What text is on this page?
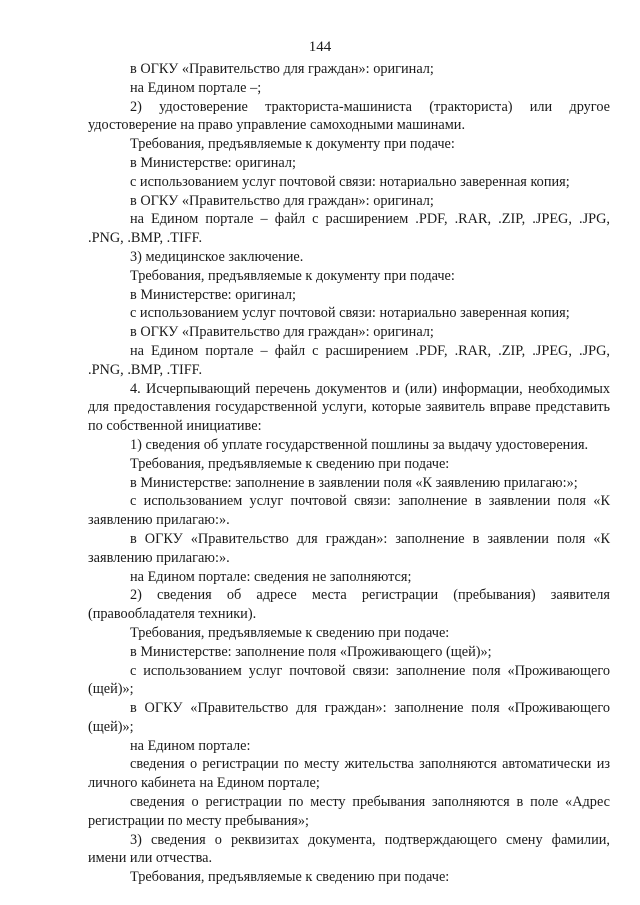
144

в ОГКУ «Правительство для граждан»: оригинал;

на Едином портале –;

2) удостоверение тракториста-машиниста (тракториста) или другое удостоверение на право управление самоходными машинами.

Требования, предъявляемые к документу при подаче:

в Министерстве: оригинал;

с использованием услуг почтовой связи: нотариально заверенная копия;

в ОГКУ «Правительство для граждан»: оригинал;

на Едином портале – файл с расширением .PDF, .RAR, .ZIP, .JPEG, .JPG, .PNG, .BMP, .TIFF.

3) медицинское заключение.

Требования, предъявляемые к документу при подаче:

в Министерстве: оригинал;

с использованием услуг почтовой связи: нотариально заверенная копия;

в ОГКУ «Правительство для граждан»: оригинал;

на Едином портале – файл с расширением .PDF, .RAR, .ZIP, .JPEG, .JPG, .PNG, .BMP, .TIFF.

4. Исчерпывающий перечень документов и (или) информации, необходимых для предоставления государственной услуги, которые заявитель вправе представить по собственной инициативе:

1) сведения об уплате государственной пошлины за выдачу удостоверения.

Требования, предъявляемые к сведению при подаче:

в Министерстве: заполнение в заявлении поля «К заявлению прилагаю:»;

с использованием услуг почтовой связи: заполнение в заявлении поля «К заявлению прилагаю:».

в ОГКУ «Правительство для граждан»: заполнение в заявлении поля «К заявлению прилагаю:».

на Едином портале: сведения не заполняются;

2) сведения об адресе места регистрации (пребывания) заявителя (правообладателя техники).

Требования, предъявляемые к сведению при подаче:

в Министерстве: заполнение поля «Проживающего (щей)»;

с использованием услуг почтовой связи: заполнение поля «Проживающего (щей)»;

в ОГКУ «Правительство для граждан»: заполнение поля «Проживающего (щей)»;

на Едином портале:

сведения о регистрации по месту жительства заполняются автоматически из личного кабинета на Едином портале;

сведения о регистрации по месту пребывания заполняются в поле «Адрес регистрации по месту пребывания»;

3) сведения о реквизитах документа, подтверждающего смену фамилии, имени или отчества.

Требования, предъявляемые к сведению при подаче:
